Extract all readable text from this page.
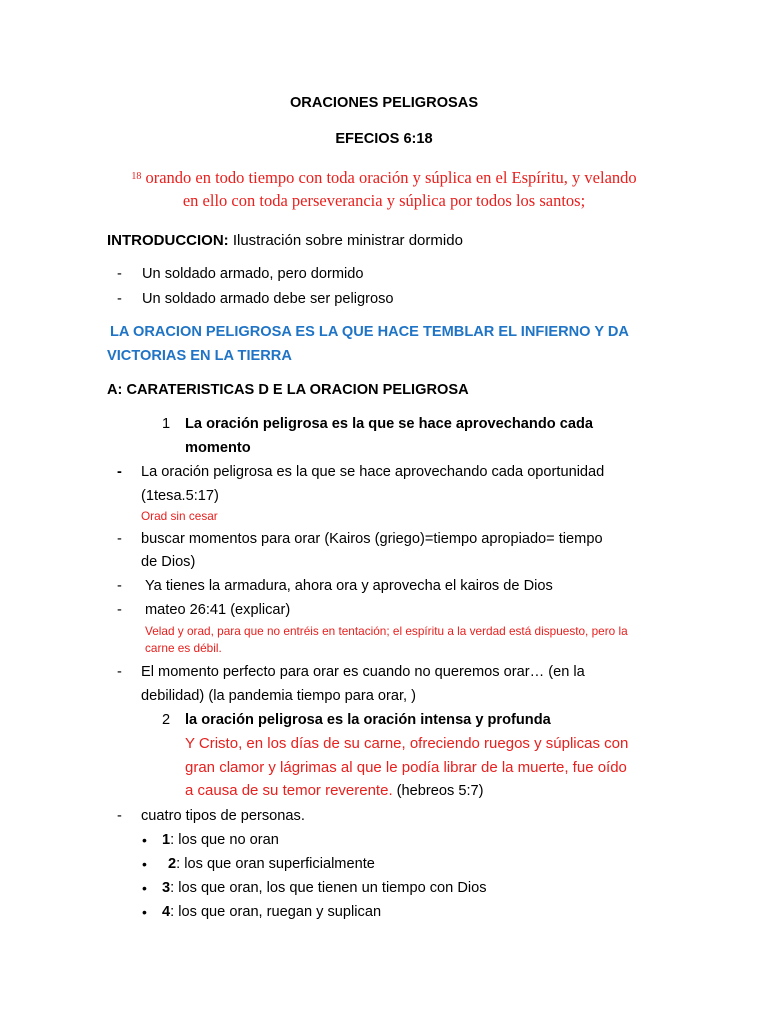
ORACIONES PELIGROSAS
EFECIOS 6:18
$^{18}$ orando en todo tiempo con toda oración y súplica en el Espíritu, y velando
en ello con toda perseverancia y súplica por todos los santos;
INTRODUCCION: Ilustración sobre ministrar dormido
- Un soldado armado, pero dormido
- Un soldado armado debe ser peligroso
LA ORACION PELIGROSA ES LA QUE HACE TEMBLAR EL INFIERNO Y DA
VICTORIAS EN LA TIERRA
A: CARATERISTICAS D E LA ORACION PELIGROSA
1 La oración peligrosa es la que se hace aprovechando cada
momento
- La oración peligrosa es la que se hace aprovechando cada oportunidad
(1tesa.5:17)
Orad sin cesar
- buscar momentos para orar (Kairos (griego)=tiempo apropiado= tiempo
de Dios)
- Ya tienes la armadura, ahora ora y aprovecha el kairos de Dios
- mateo 26:41 (explicar)
Velad y orad, para que no entréis en tentación; el espíritu a la verdad está dispuesto, pero la
carne es débil.
- El momento perfecto para orar es cuando no queremos orar… (en la
debilidad) (la pandemia tiempo para orar, )
2 la oración peligrosa es la oración intensa y profunda
Y Cristo, en los días de su carne, ofreciendo ruegos y súplicas con
gran clamor y lágrimas al que le podía librar de la muerte, fue oído
a causa de su temor reverente. (hebreos 5:7)
- cuatro tipos de personas.
• 1: los que no oran
• 2: los que oran superficialmente
• 3: los que oran, los que tienen un tiempo con Dios
• 4: los que oran, ruegan y suplican
